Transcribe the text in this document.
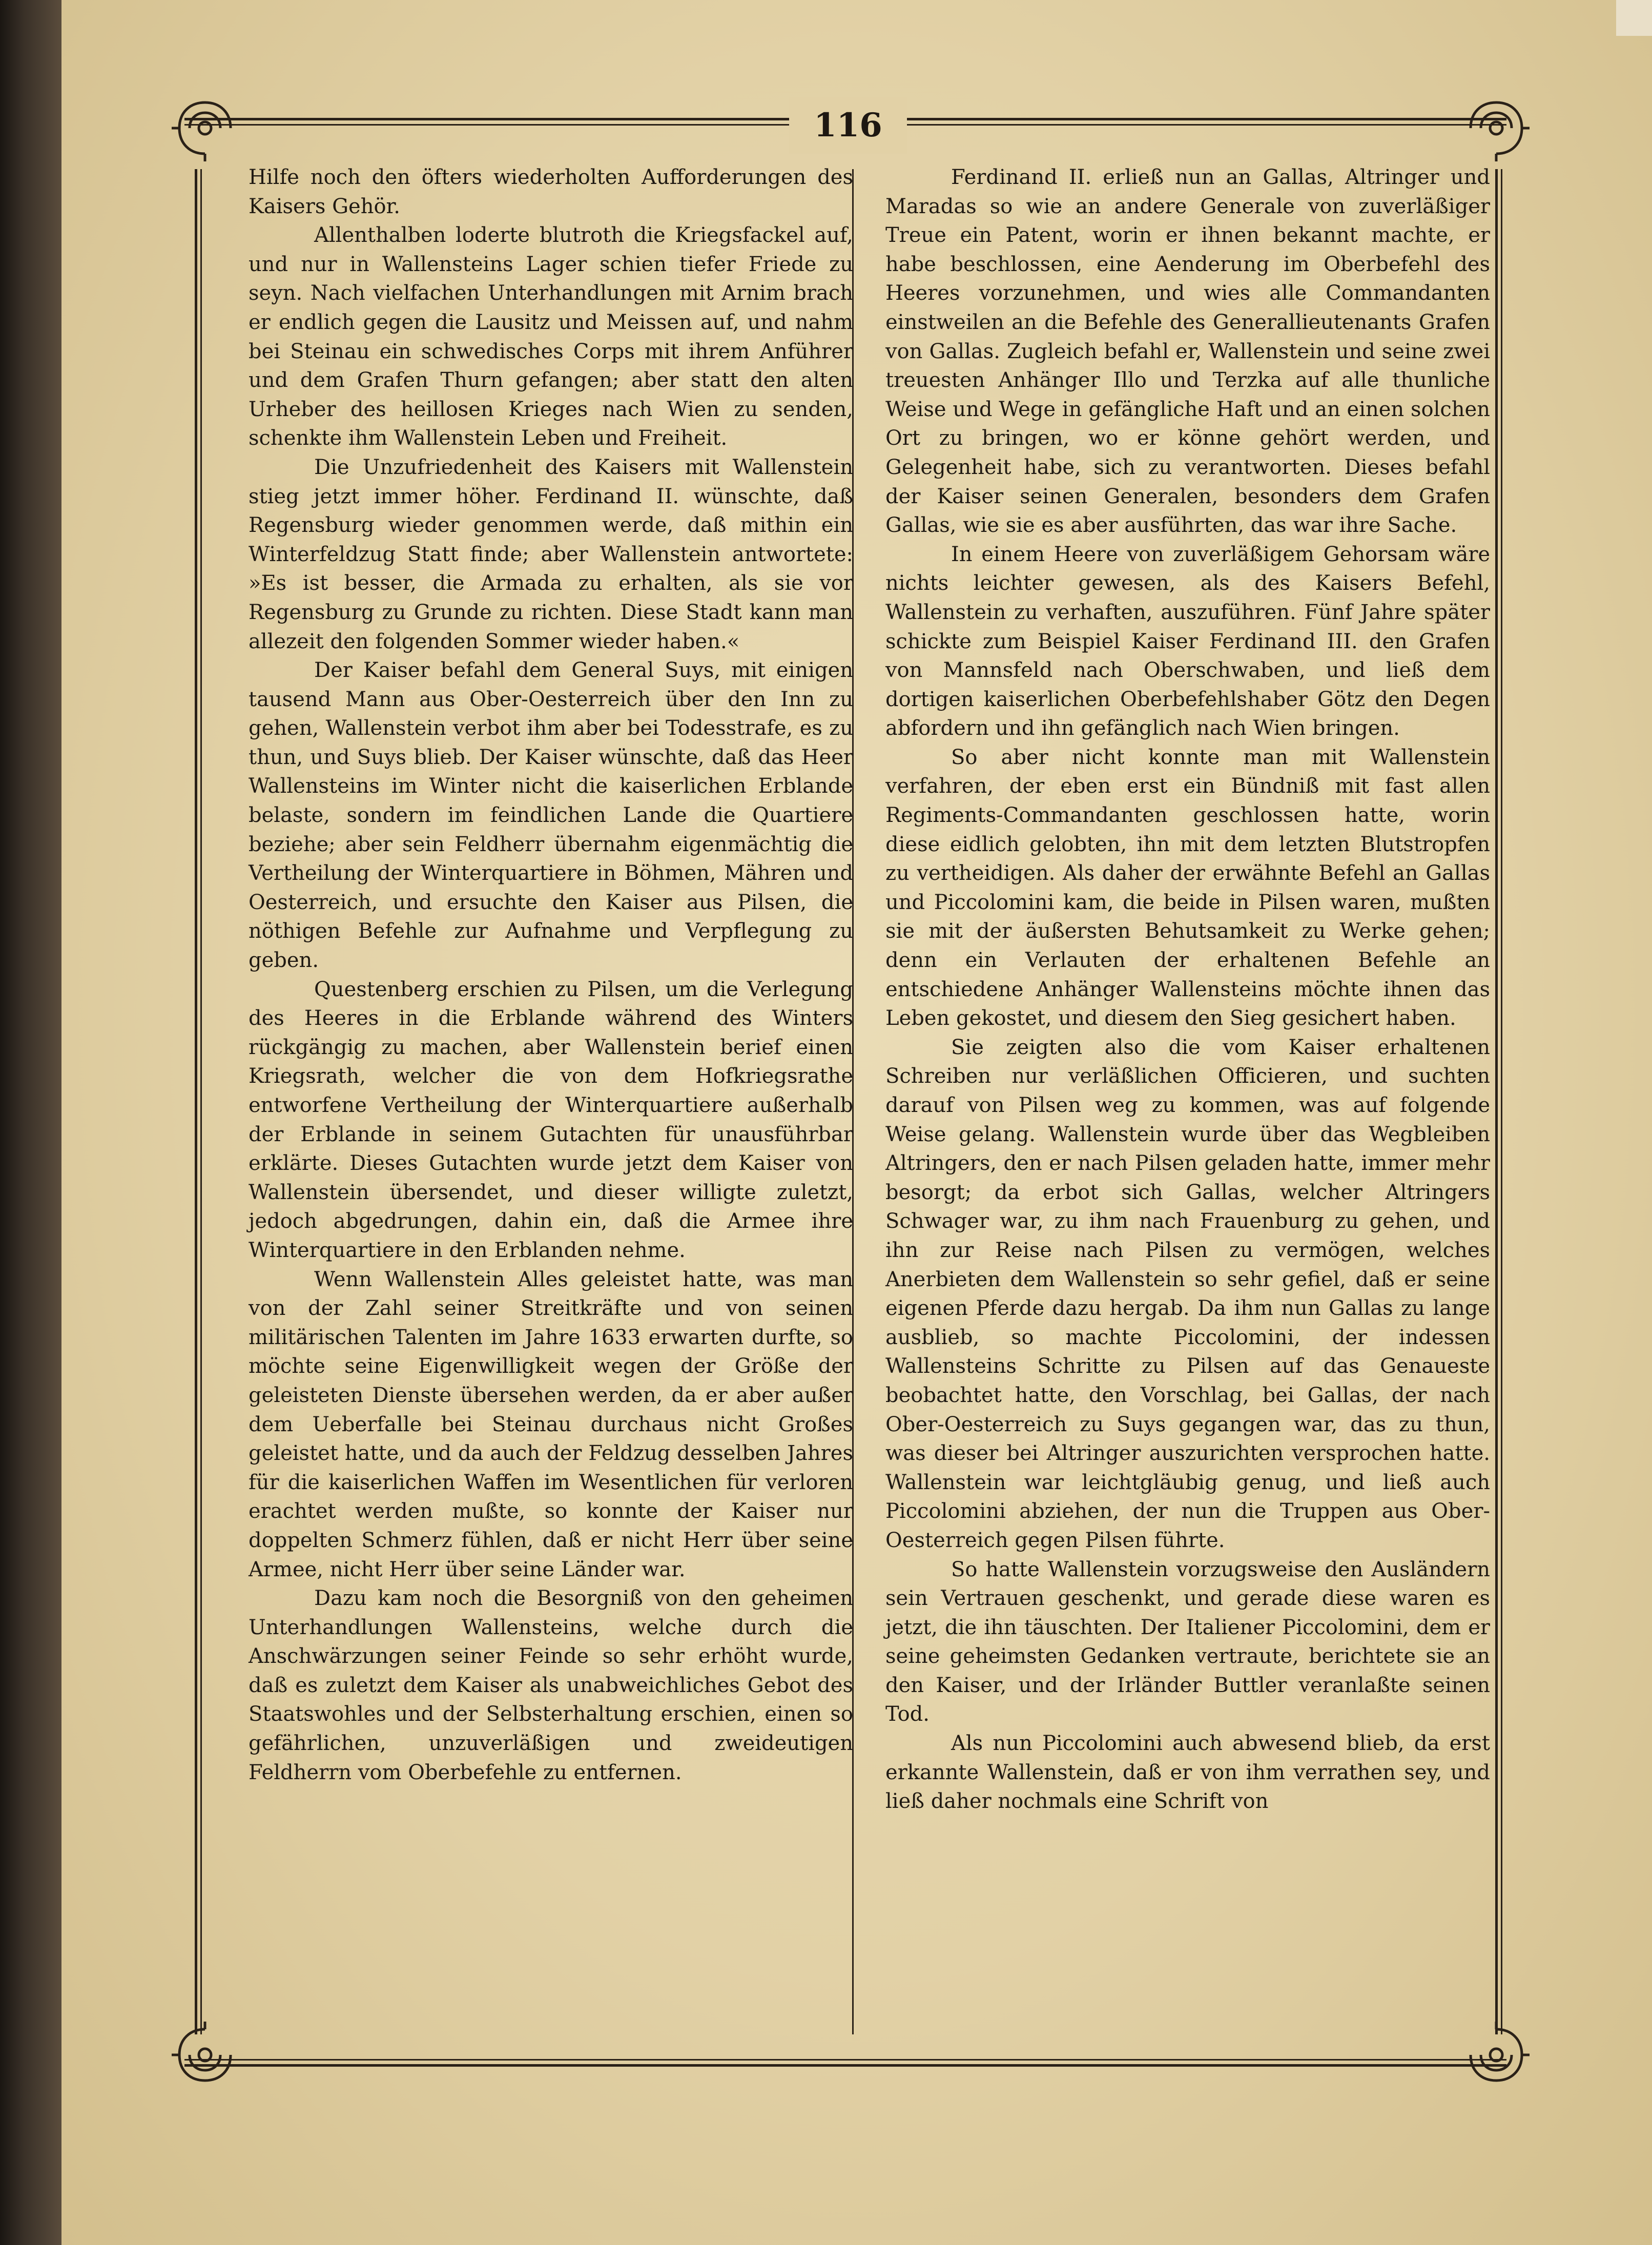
116

Hilfe noch den öfters wiederholten Aufforderungen des Kaisers Gehör.

Allenthalben loderte blutroth die Kriegsfackel auf, und nur in Wallensteins Lager schien tiefer Friede zu seyn. Nach vielfachen Unterhandlungen mit Arnim brach er endlich gegen die Lausitz und Meissen auf, und nahm bei Steinau ein schwedisches Corps mit ihrem Anführer und dem Grafen Thurn gefangen; aber statt den alten Urheber des heillosen Krieges nach Wien zu senden, schenkte ihm Wallenstein Leben und Freiheit.

Die Unzufriedenheit des Kaisers mit Wallenstein stieg jetzt immer höher. Ferdinand II. wünschte, daß Regensburg wieder genommen werde, daß mithin ein Winterfeldzug Statt finde; aber Wallenstein antwortete: »Es ist besser, die Armada zu erhalten, als sie vor Regensburg zu Grunde zu richten. Diese Stadt kann man allezeit den folgenden Sommer wieder haben.«

Der Kaiser befahl dem General Suys, mit einigen tausend Mann aus Ober-Oesterreich über den Inn zu gehen, Wallenstein verbot ihm aber bei Todesstrafe, es zu thun, und Suys blieb. Der Kaiser wünschte, daß das Heer Wallensteins im Winter nicht die kaiserlichen Erblande belaste, sondern im feindlichen Lande die Quartiere beziehe; aber sein Feldherr übernahm eigenmächtig die Vertheilung der Winterquartiere in Böhmen, Mähren und Oesterreich, und ersuchte den Kaiser aus Pilsen, die nöthigen Befehle zur Aufnahme und Verpflegung zu geben.

Questenberg erschien zu Pilsen, um die Verlegung des Heeres in die Erblande während des Winters rückgängig zu machen, aber Wallenstein berief einen Kriegsrath, welcher die von dem Hofkriegsrathe entworfene Vertheilung der Winterquartiere außerhalb der Erblande in seinem Gutachten für unausführbar erklärte. Dieses Gutachten wurde jetzt dem Kaiser von Wallenstein übersendet, und dieser willigte zuletzt, jedoch abgedrungen, dahin ein, daß die Armee ihre Winterquartiere in den Erblanden nehme.

Wenn Wallenstein Alles geleistet hatte, was man von der Zahl seiner Streitkräfte und von seinen militärischen Talenten im Jahre 1633 erwarten durfte, so möchte seine Eigenwilligkeit wegen der Größe der geleisteten Dienste übersehen werden, da er aber außer dem Ueberfalle bei Steinau durchaus nicht Großes geleistet hatte, und da auch der Feldzug desselben Jahres für die kaiserlichen Waffen im Wesentlichen für verloren erachtet werden mußte, so konnte der Kaiser nur doppelten Schmerz fühlen, daß er nicht Herr über seine Armee, nicht Herr über seine Länder war.

Dazu kam noch die Besorgniß von den geheimen Unterhandlungen Wallensteins, welche durch die Anschwärzungen seiner Feinde so sehr erhöht wurde, daß es zuletzt dem Kaiser als unabweichliches Gebot des Staatswohles und der Selbsterhaltung erschien, einen so gefährlichen, unzuverläßigen und zweideutigen Feldherrn vom Oberbefehle zu entfernen.

Ferdinand II. erließ nun an Gallas, Altringer und Maradas so wie an andere Generale von zuverläßiger Treue ein Patent, worin er ihnen bekannt machte, er habe beschlossen, eine Aenderung im Oberbefehl des Heeres vorzunehmen, und wies alle Commandanten einstweilen an die Befehle des Generallieutenants Grafen von Gallas. Zugleich befahl er, Wallenstein und seine zwei treuesten Anhänger Illo und Terzka auf alle thunliche Weise und Wege in gefängliche Haft und an einen solchen Ort zu bringen, wo er könne gehört werden, und Gelegenheit habe, sich zu verantworten. Dieses befahl der Kaiser seinen Generalen, besonders dem Grafen Gallas, wie sie es aber ausführten, das war ihre Sache.

In einem Heere von zuverläßigem Gehorsam wäre nichts leichter gewesen, als des Kaisers Befehl, Wallenstein zu verhaften, auszuführen. Fünf Jahre später schickte zum Beispiel Kaiser Ferdinand III. den Grafen von Mannsfeld nach Oberschwaben, und ließ dem dortigen kaiserlichen Oberbefehlshaber Götz den Degen abfordern und ihn gefänglich nach Wien bringen.

So aber nicht konnte man mit Wallenstein verfahren, der eben erst ein Bündniß mit fast allen Regiments-Commandanten geschlossen hatte, worin diese eidlich gelobten, ihn mit dem letzten Blutstropfen zu vertheidigen. Als daher der erwähnte Befehl an Gallas und Piccolomini kam, die beide in Pilsen waren, mußten sie mit der äußersten Behutsamkeit zu Werke gehen; denn ein Verlauten der erhaltenen Befehle an entschiedene Anhänger Wallensteins möchte ihnen das Leben gekostet, und diesem den Sieg gesichert haben.

Sie zeigten also die vom Kaiser erhaltenen Schreiben nur verläßlichen Officieren, und suchten darauf von Pilsen weg zu kommen, was auf folgende Weise gelang. Wallenstein wurde über das Wegbleiben Altringers, den er nach Pilsen geladen hatte, immer mehr besorgt; da erbot sich Gallas, welcher Altringers Schwager war, zu ihm nach Frauenburg zu gehen, und ihn zur Reise nach Pilsen zu vermögen, welches Anerbieten dem Wallenstein so sehr gefiel, daß er seine eigenen Pferde dazu hergab. Da ihm nun Gallas zu lange ausblieb, so machte Piccolomini, der indessen Wallensteins Schritte zu Pilsen auf das Genaueste beobachtet hatte, den Vorschlag, bei Gallas, der nach Ober-Oesterreich zu Suys gegangen war, das zu thun, was dieser bei Altringer auszurichten versprochen hatte. Wallenstein war leichtgläubig genug, und ließ auch Piccolomini abziehen, der nun die Truppen aus Ober-Oesterreich gegen Pilsen führte.

So hatte Wallenstein vorzugsweise den Ausländern sein Vertrauen geschenkt, und gerade diese waren es jetzt, die ihn täuschten. Der Italiener Piccolomini, dem er seine geheimsten Gedanken vertraute, berichtete sie an den Kaiser, und der Irländer Buttler veranlaßte seinen Tod.

Als nun Piccolomini auch abwesend blieb, da erst erkannte Wallenstein, daß er von ihm verrathen sey, und ließ daher nochmals eine Schrift von
